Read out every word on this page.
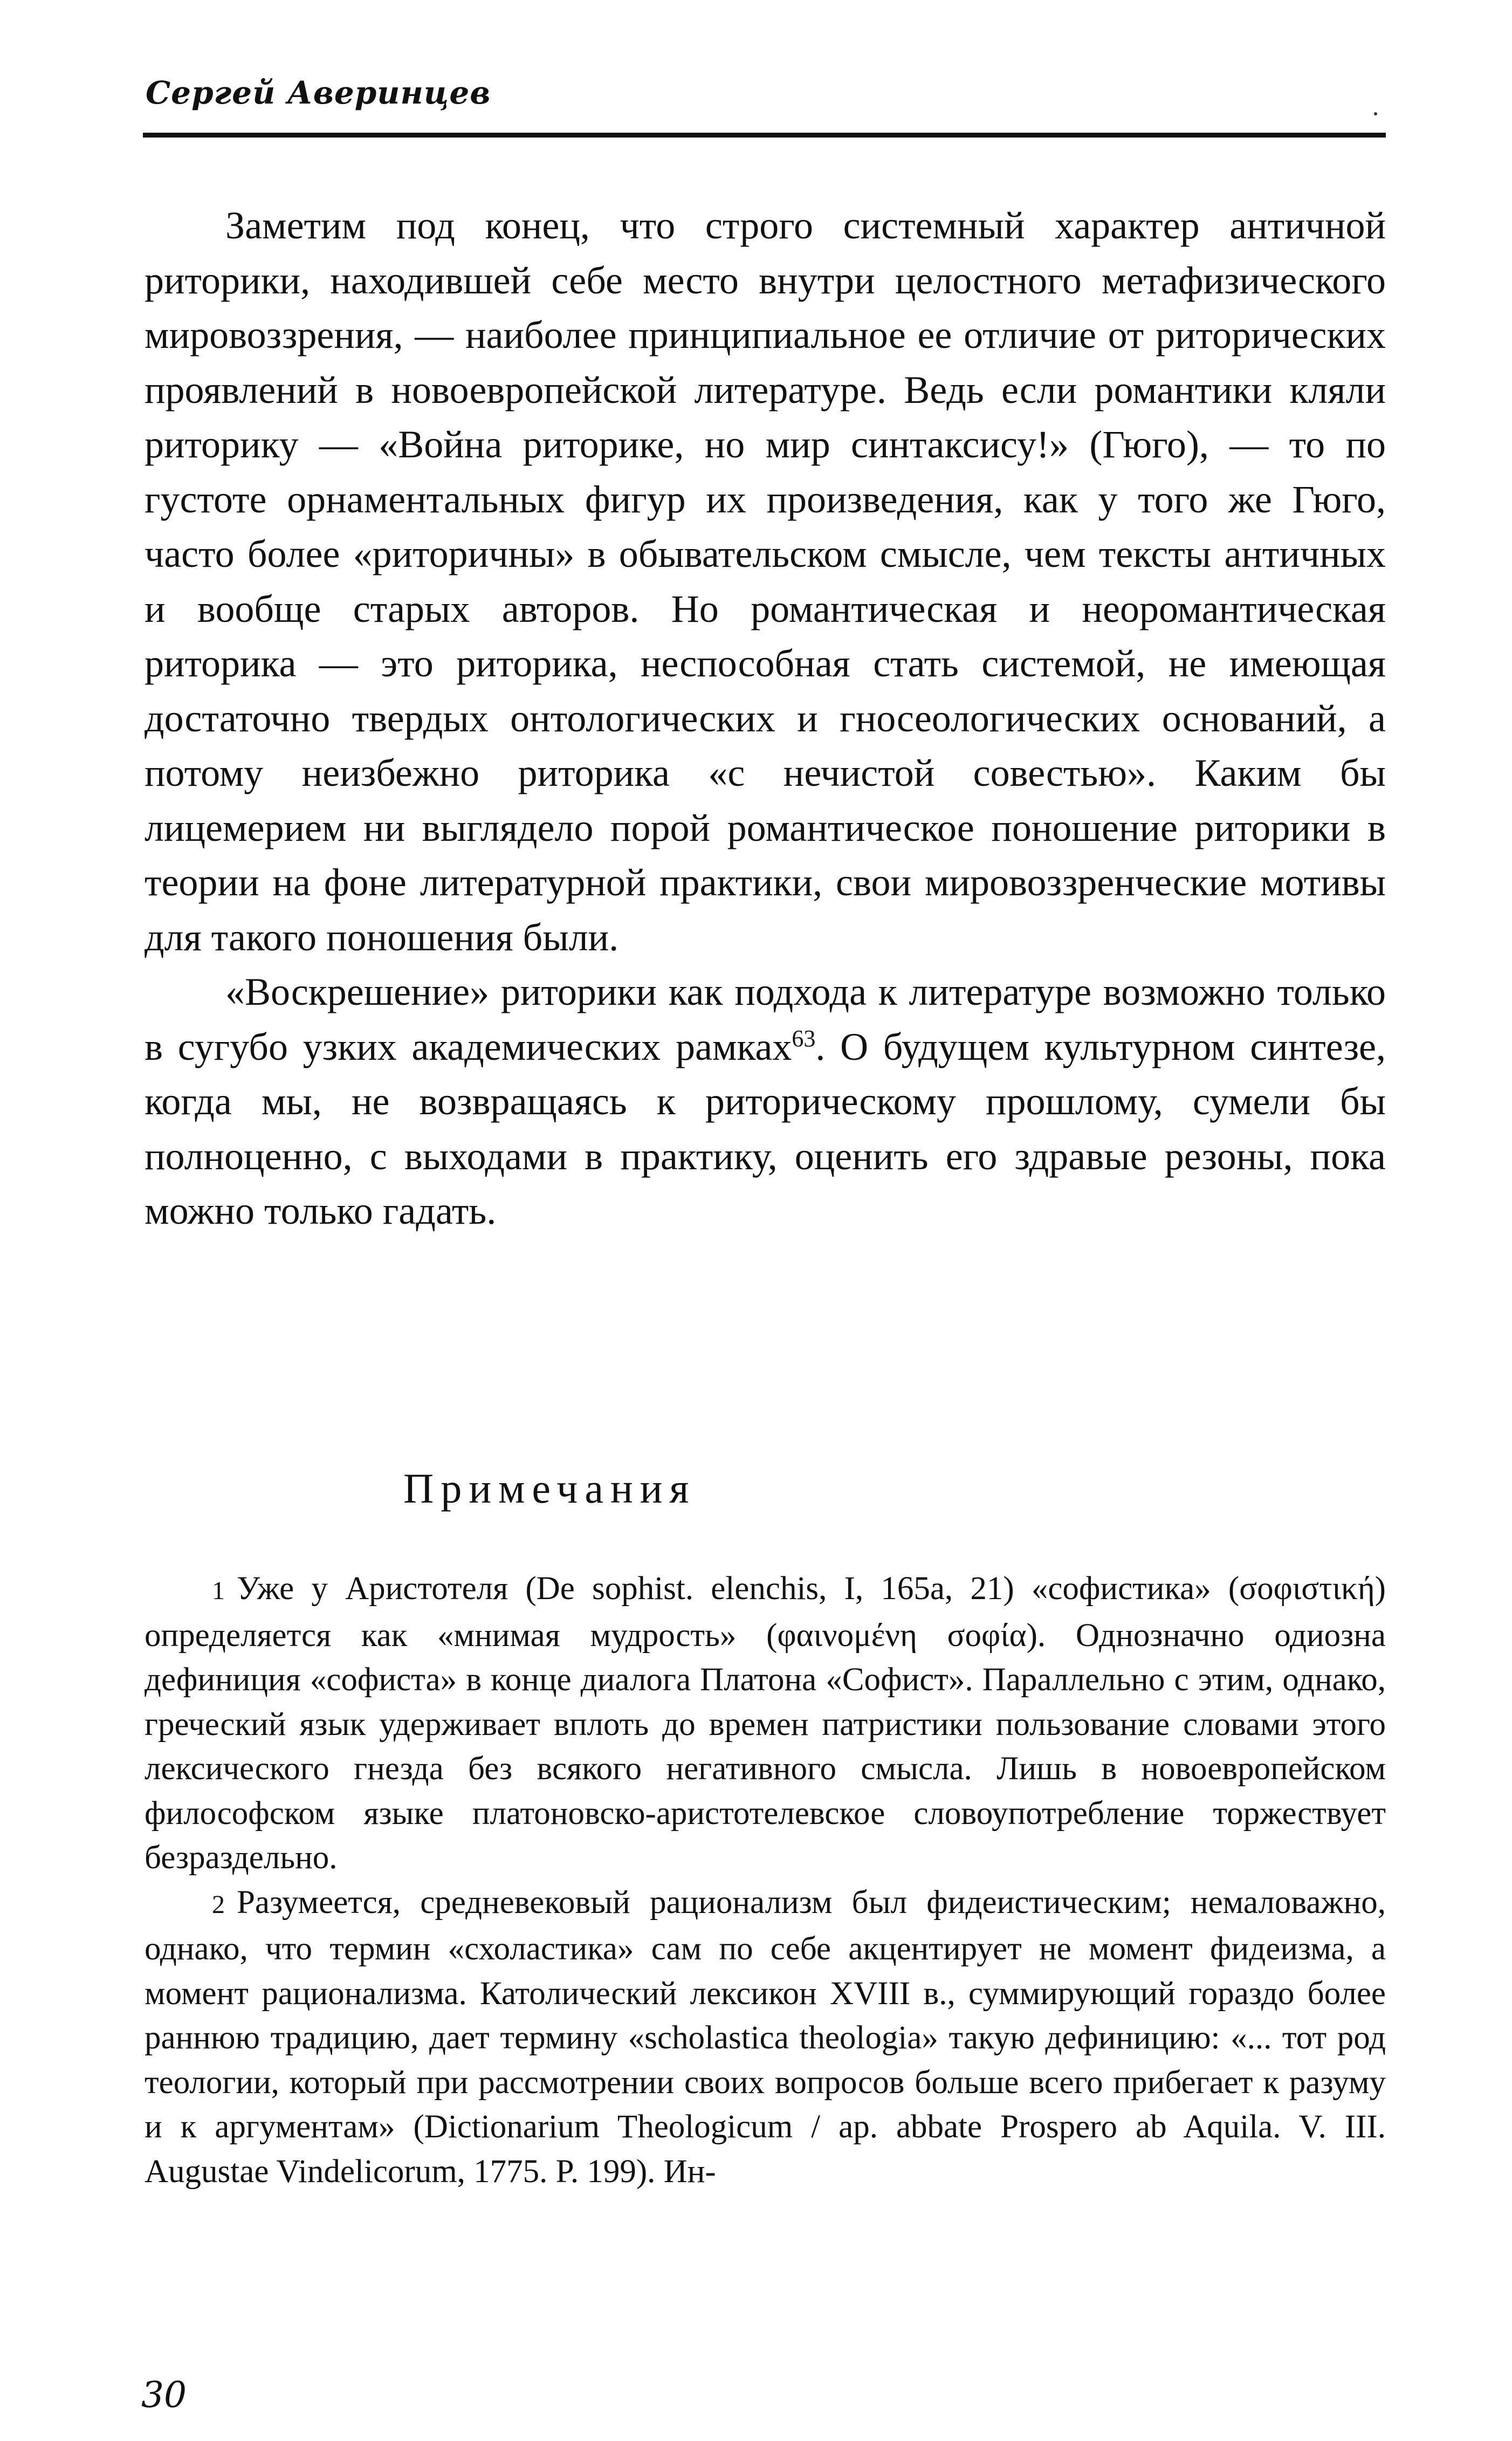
Сергей Аверинцев

Заметим под конец, что строго системный характер античной риторики, находившей себе место внутри целостного метафизического мировоззрения, — наиболее принципиальное ее отличие от риторических проявлений в новоевропейской литературе. Ведь если романтики кляли риторику — «Война риторике, но мир синтаксису!» (Гюго), — то по густоте орнаментальных фигур их произведения, как у того же Гюго, часто более «риторичны» в обывательском смысле, чем тексты античных и вообще старых авторов. Но романтическая и неоромантическая риторика — это риторика, неспособная стать системой, не имеющая достаточно твердых онтологических и гносеологических оснований, а потому неизбежно риторика «с нечистой совестью». Каким бы лицемерием ни выглядело порой романтическое поношение риторики в теории на фоне литературной практики, свои мировоззренческие мотивы для такого поношения были.

«Воскрешение» риторики как подхода к литературе возможно только в сугубо узких академических рамках$^{63}$. О будущем культурном синтезе, когда мы, не возвращаясь к риторическому прошлому, сумели бы полноценно, с выходами в практику, оценить его здравые резоны, пока можно только гадать.

Примечания

1 Уже у Аристотеля (De sophist. elenchis, I, 165a, 21) «софистика» (σοφιστική) определяется как «мнимая мудрость» (φαινομένη σοφία). Однозначно одиозна дефиниция «софиста» в конце диалога Платона «Софист». Параллельно с этим, однако, греческий язык удерживает вплоть до времен патристики пользование словами этого лексического гнезда без всякого негативного смысла. Лишь в новоевропейском философском языке платоновско-аристотелевское словоупотребление торжествует безраздельно.

2 Разумеется, средневековый рационализм был фидеистическим; немаловажно, однако, что термин «схоластика» сам по себе акцентирует не момент фидеизма, а момент рационализма. Католический лексикон XVIII в., суммирующий гораздо более раннюю традицию, дает термину «scholastica theologia» такую дефиницию: «... тот род теологии, который при рассмотрении своих вопросов больше всего прибегает к разуму и к аргументам» (Dictionarium Theologicum / ap. abbate Prospero ab Aquila. V. III. Augustae Vindelicorum, 1775. P. 199). Ин-

30
